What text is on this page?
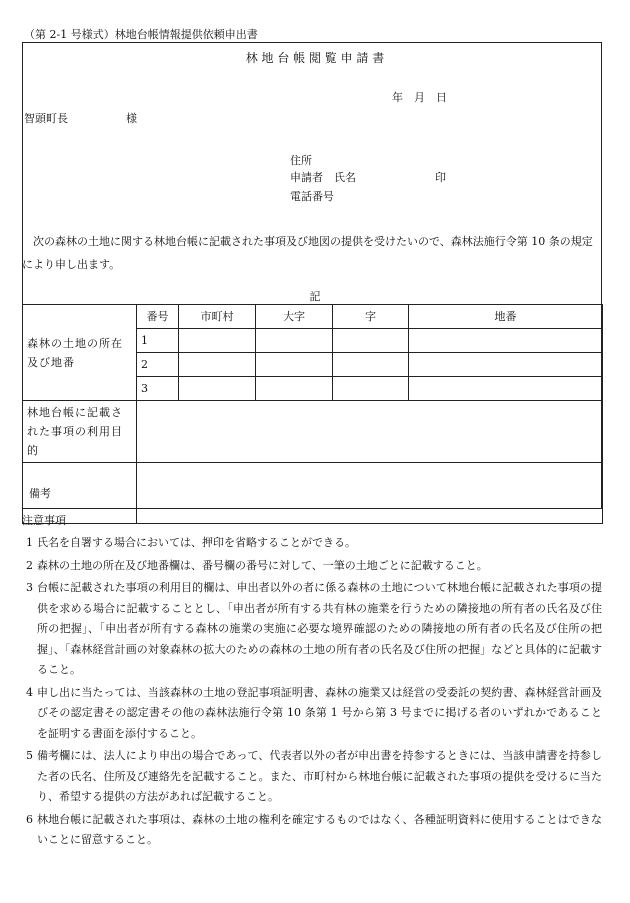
（第 2-1 号様式）林地台帳情報提供依頼申出書
林 地 台 帳 閲 覧 申 請 書
年　月　日
智頭町長	様
住所
申請者　氏名	印
電話番号
　次の森林の土地に関する林地台帳に記載された事項及び地図の提供を受けたいので、森林法施行令第 10 条の規定により申し出ます。
記
森林の土地の所在及び地番	番号	市町村	大字	字	地番
	1				
	2				
	3				
林地台帳に記載された事項の利用目的					
備考					
注意事項
1 氏名を自署する場合においては、押印を省略することができる。
2 森林の土地の所在及び地番欄は、番号欄の番号に対して、一筆の土地ごとに記載すること。
3 台帳に記載された事項の利用目的欄は、申出者以外の者に係る森林の土地について林地台帳に記載された事項の提供を求める場合に記載することとし、「申出者が所有する共有林の施業を行うための隣接地の所有者の氏名及び住所の把握」、「申出者が所有する森林の施業の実施に必要な境界確認のための隣接地の所有者の氏名及び住所の把握」、「森林経営計画の対象森林の拡大のための森林の土地の所有者の氏名及び住所の把握」などと具体的に記載すること。
4 申し出に当たっては、当該森林の土地の登記事項証明書、森林の施業又は経営の受委託の契約書、森林経営計画及びその認定書その認定書その他の森林法施行令第 10 条第 1 号から第 3 号までに掲げる者のいずれかであることを証明する書面を添付すること。
5 備考欄には、法人により申出の場合であって、代表者以外の者が申出書を持参するときには、当該申請書を持参した者の氏名、住所及び連絡先を記載すること。また、市町村から林地台帳に記載された事項の提供を受けるに当たり、希望する提供の方法があれば記載すること。
6 林地台帳に記載された事項は、森林の土地の権利を確定するものではなく、各種証明資料に使用することはできないことに留意すること。
